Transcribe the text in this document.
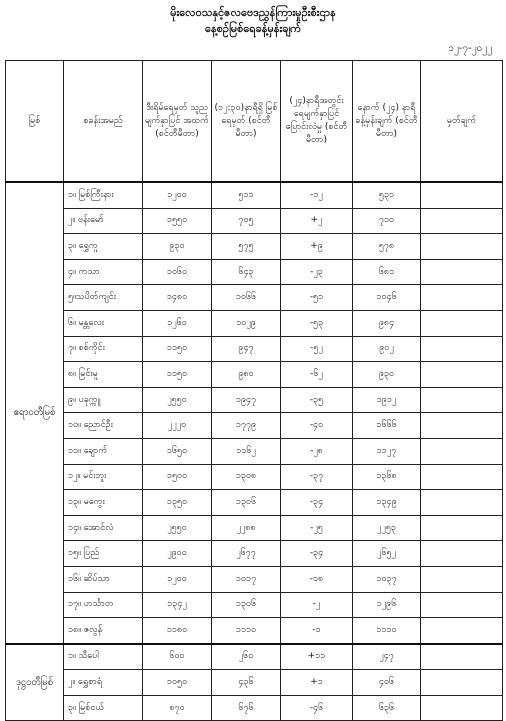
မိုးလေဝသနှင့်ဇလဗေဒညွှန်ကြားမှုဦးစီးဌာန
နေ့စဉ်မြစ်ရေခန့်မှန်းချက်
၁၂-၇-၂၀၂၂
မြစ်	စခန်းအမည်	ဒီးရိမ်ရေမှတ် သူညမျက်နှာပြင် အထက် (စင်တီမီတာ)	(၁၂:၃၀)နာရီရှိ မြစ်ရေမှတ် (စင်တီမီတာ)	(၂၄)နာရီအတွင်း ရေမျက်နှာပြင် ပြောင်းလဲမှု (စင်တီမီတာ)	နောက် (၂၄) နာရီ ခန့်မှန်းချက် (စင်တီမီတာ)	မှတ်ချက်
ဧရာဝတီမြစ်	၁။ မြစ်ကြီးနား	၁၂၀၀	၅၁၁	-၁၂	၅၃၁	
	၂။ ဗန်းမော်	၁၅၅၀	၇၀၅	+၂	၇၁၀	
	၃။ ရွှေကူ	၉၃၀	၅၇၅	+၉	၅၇၈	
	၄။ ကသာ	၁၀၆၀	၆၄၃	-၂၃	၆၈၁	
	၅။သပိတ်ကျင်း	၁၄၈၀	၁၀၆၆	-၅၁	၁၀၄၆	
	၆။ မန္တလေး	၁၂၆၀	၁၀၂၉	-၅၃	၉၈၄	
	၇။ စစ်ကိုင်း	၁၁၅၀	၉၄၇	-၅၂	၉၀၂	
	၈။ မြင်းမူ	၁၁၅၀	၉၈၀	-၆၂	၉၃၀	
	၉။ ပခုက္ကူ	၂၅၅၀	၁၉၄၇	-၃၅	၁၉၁၂	
	၁၀။ ညောင်ဦး	၂၂၂၀	၁၇၇၉	-၄၀	၁၆၆၆	
	၁၁။ ချောက်	၁၆၅၀	၁၁၆၂	-၂၈	၁၁၂၇	
	၁၂။ မင်းဘူး	၁၅၀၀	၁၃၀၈	-၃၇	၁၃၆၈	
	၁၃။ မကွေး	၁၃၅၀	၁၃၀၆	-၃၄	၁၃၄၉	
	၁၄။ အောင်လံ	၂၅၅၀	၂၂၈၈	-၂၅	၂၂၅၃	
	၁၅။ ပြည်	၂၉၀၀	၂၆၇၇	-၃၄	၂၆၅၂	
	၁၆။ ဆိပ်သာ	၁၂၀၀	၁၀၁၇	-၁၈	၁၀၃၇	
	၁၇။ ဟင်္သာတ	၁၃၄၂	၁၃၀၆	-၂	၁၂၉၆	
	၁၈။ ဇလွန်	၁၁၈၀	၁၁၁၀	-၁	၁၁၁၀	
ဒုဋ္ဌဝတီမြစ်	၁။ သီပေါ	၆၀၀	၂၆၀	+၁၁	၂၄၇	
	၂။ ရွှေစာရံ	၁၀၅၀	၄၃၆	+၁	၄၀၆	
	၃။ မြစ်ငယ်	၈၇၀	၆၇၆	-၄၆	၆၃၆	
